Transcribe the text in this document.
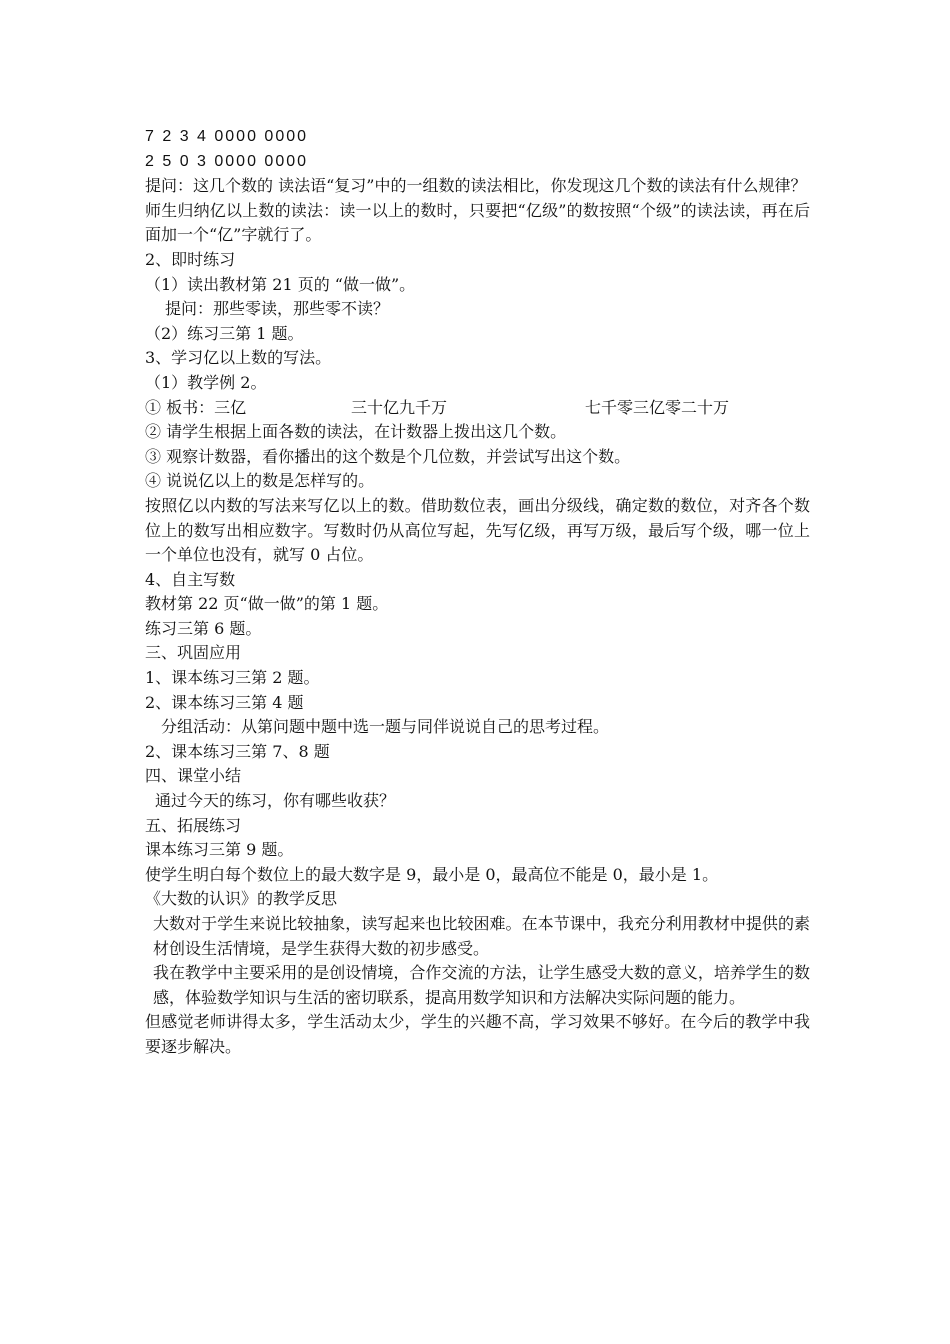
7 2 3 4 0000 0000

2 5 0 3 0000 0000

提问：这几个数的 读法语“复习”中的一组数的读法相比，你发现这几个数的读法有什么规律？

师生归纳亿以上数的读法：读一以上的数时，只要把“亿级”的数按照“个级”的读法读，再在后面加一个“亿”字就行了。

2、即时练习

（1）读出教材第 21 页的 “做一做”。

提问：那些零读，那些零不读？

（2）练习三第 1 题。

3、学习亿以上数的写法。

（1）教学例 2。

① 板书：三亿	三十亿九千万	七千零三亿零二十万

② 请学生根据上面各数的读法，在计数器上拨出这几个数。

③ 观察计数器，看你播出的这个数是个几位数，并尝试写出这个数。

④ 说说亿以上的数是怎样写的。

按照亿以内数的写法来写亿以上的数。借助数位表，画出分级线，确定数的数位，对齐各个数位上的数写出相应数字。写数时仍从高位写起，先写亿级，再写万级，最后写个级，哪一位上一个单位也没有，就写 0 占位。

4、自主写数

教材第 22 页“做一做”的第 1 题。

练习三第 6 题。

三、巩固应用

1、课本练习三第 2 题。

2、课本练习三第 4 题

分组活动：从第问题中题中选一题与同伴说说自己的思考过程。

2、课本练习三第 7、8 题

四、课堂小结

通过今天的练习，你有哪些收获？

五、拓展练习

课本练习三第 9 题。

使学生明白每个数位上的最大数字是 9，最小是 0，最高位不能是 0，最小是 1。

《大数的认识》的教学反思

大数对于学生来说比较抽象，读写起来也比较困难。在本节课中，我充分利用教材中提供的素材创设生活情境，是学生获得大数的初步感受。

我在教学中主要采用的是创设情境，合作交流的方法，让学生感受大数的意义，培养学生的数感，体验数学知识与生活的密切联系，提高用数学知识和方法解决实际问题的能力。

但感觉老师讲得太多，学生活动太少，学生的兴趣不高，学习效果不够好。在今后的教学中我要逐步解决。
